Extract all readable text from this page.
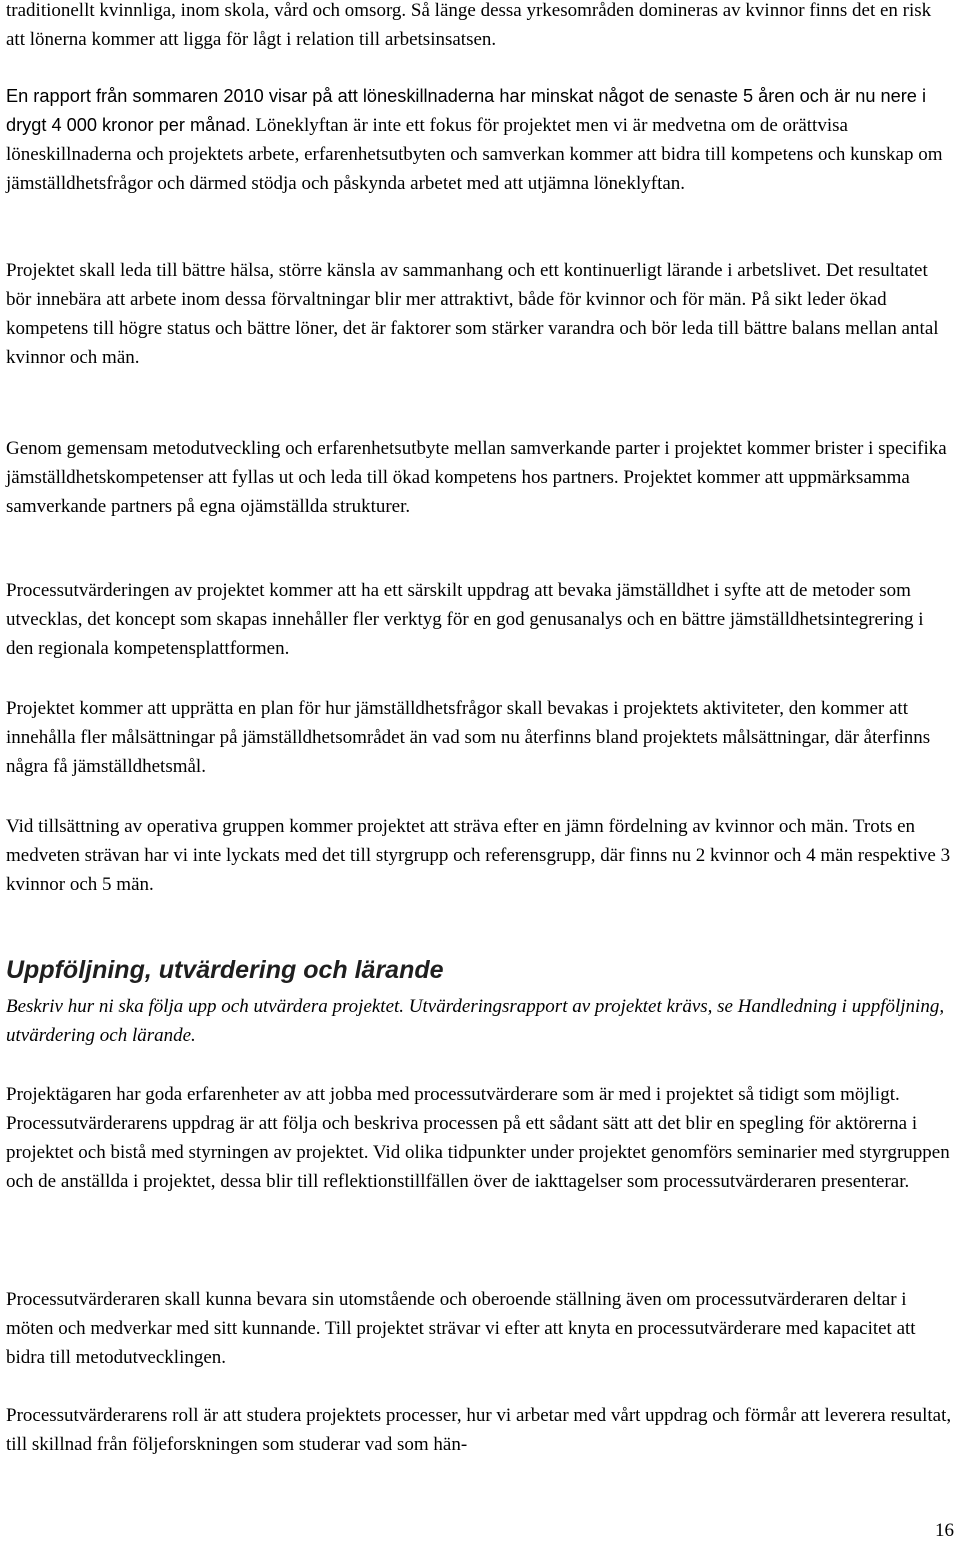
traditionellt kvinnliga, inom skola, vård och omsorg. Så länge dessa yrkesområden domineras av kvinnor finns det en risk att lönerna kommer att ligga för lågt i relation till arbetsinsatsen.

En rapport från sommaren 2010 visar på att löneskillnaderna har minskat något de senaste 5 åren och är nu nere i drygt 4 000 kronor per månad. Löneklyftan är inte ett fokus för projektet men vi är medvetna om de orättvisa löneskillnaderna och projektets arbete, erfarenhetsutbyten och samverkan kommer att bidra till kompetens och kunskap om jämställdhetsfrågor och därmed stödja och påskynda arbetet med att utjämna löneklyftan.

Projektet skall leda till bättre hälsa, större känsla av sammanhang och ett kontinuerligt lärande i arbetslivet. Det resultatet bör innebära att arbete inom dessa förvaltningar blir mer attraktivt, både för kvinnor och för män. På sikt leder ökad kompetens till högre status och bättre löner, det är faktorer som stärker varandra och bör leda till bättre balans mellan antal kvinnor och män.

Genom gemensam metodutveckling och erfarenhetsutbyte mellan samverkande parter i projektet kommer brister i specifika jämställdhetskompetenser att fyllas ut och leda till ökad kompetens hos partners. Projektet kommer att uppmärksamma samverkande partners på egna ojämställda strukturer.

Processutvärderingen av projektet kommer att ha ett särskilt uppdrag att bevaka jämställdhet i syfte att de metoder som utvecklas, det koncept som skapas innehåller fler verktyg för en god genusanalys och en bättre jämställdhetsintegrering i den regionala kompetensplattformen.

Projektet kommer att upprätta en plan för hur jämställdhetsfrågor skall bevakas i projektets aktiviteter, den kommer att innehålla fler målsättningar på jämställdhetsområdet än vad som nu återfinns bland projektets målsättningar, där återfinns några få jämställdhetsmål.

Vid tillsättning av operativa gruppen kommer projektet att sträva efter en jämn fördelning av kvinnor och män. Trots en medveten strävan har vi inte lyckats med det till styrgrupp och referensgrupp, där finns nu 2 kvinnor och 4 män respektive 3 kvinnor och 5 män.

Uppföljning, utvärdering och lärande

Beskriv hur ni ska följa upp och utvärdera projektet. Utvärderingsrapport av projektet krävs, se Handledning i uppföljning, utvärdering och lärande.

Projektägaren har goda erfarenheter av att jobba med processutvärderare som är med i projektet så tidigt som möjligt. Processutvärderarens uppdrag är att följa och beskriva processen på ett sådant sätt att det blir en spegling för aktörerna i projektet och bistå med styrningen av projektet. Vid olika tidpunkter under projektet genomförs seminarier med styrgruppen och de anställda i projektet, dessa blir till reflektionstillfällen över de iakttagelser som processutvärderaren presenterar.

Processutvärderaren skall kunna bevara sin utomstående och oberoende ställning även om processutvärderaren deltar i möten och medverkar med sitt kunnande. Till projektet strävar vi efter att knyta en processutvärderare med kapacitet att bidra till metodutvecklingen.

Processutvärderarens roll är att studera projektets processer, hur vi arbetar med vårt uppdrag och förmår att leverera resultat, till skillnad från följeforskningen som studerar vad som hän-

16
